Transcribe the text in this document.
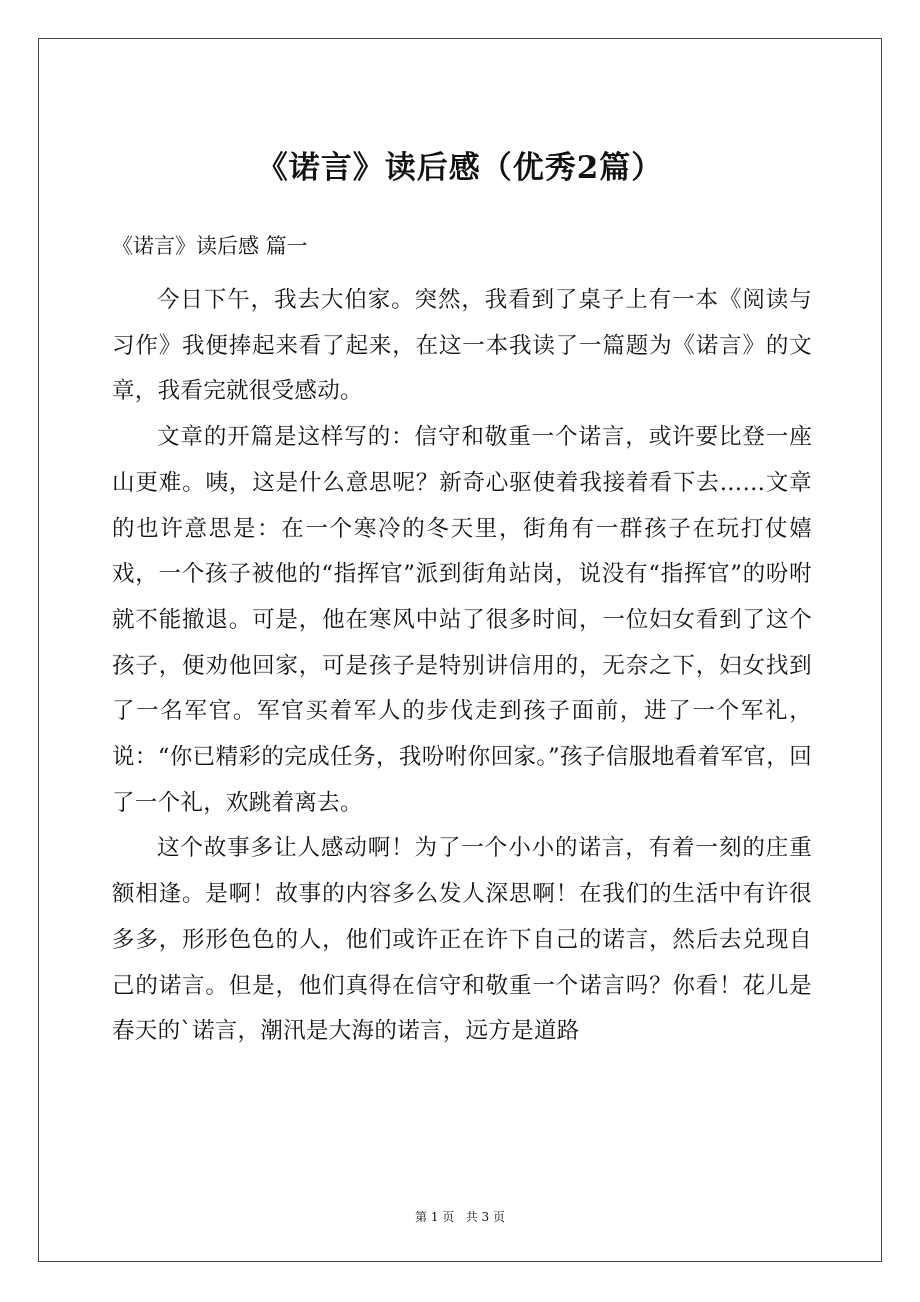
《诺言》读后感（优秀2篇）

《诺言》读后感 篇一

今日下午，我去大伯家。突然，我看到了桌子上有一本《阅读与习作》我便捧起来看了起来，在这一本我读了一篇题为《诺言》的文章，我看完就很受感动。

文章的开篇是这样写的：信守和敬重一个诺言，或许要比登一座山更难。咦，这是什么意思呢？新奇心驱使着我接着看下去……文章的也许意思是：在一个寒冷的冬天里，街角有一群孩子在玩打仗嬉戏，一个孩子被他的“指挥官”派到街角站岗，说没有“指挥官”的吩咐就不能撤退。可是，他在寒风中站了很多时间，一位妇女看到了这个孩子，便劝他回家，可是孩子是特别讲信用的，无奈之下，妇女找到了一名军官。军官买着军人的步伐走到孩子面前，进了一个军礼，说：“你已精彩的完成任务，我吩咐你回家。”孩子信服地看着军官，回了一个礼，欢跳着离去。

这个故事多让人感动啊！为了一个小小的诺言，有着一刻的庄重额相逢。是啊！故事的内容多么发人深思啊！在我们的生活中有许很多多，形形色色的人，他们或许正在许下自己的诺言，然后去兑现自己的诺言。但是，他们真得在信守和敬重一个诺言吗？你看！花儿是春天的`诺言，潮汛是大海的诺言，远方是道路

第 1 页 共 3 页
